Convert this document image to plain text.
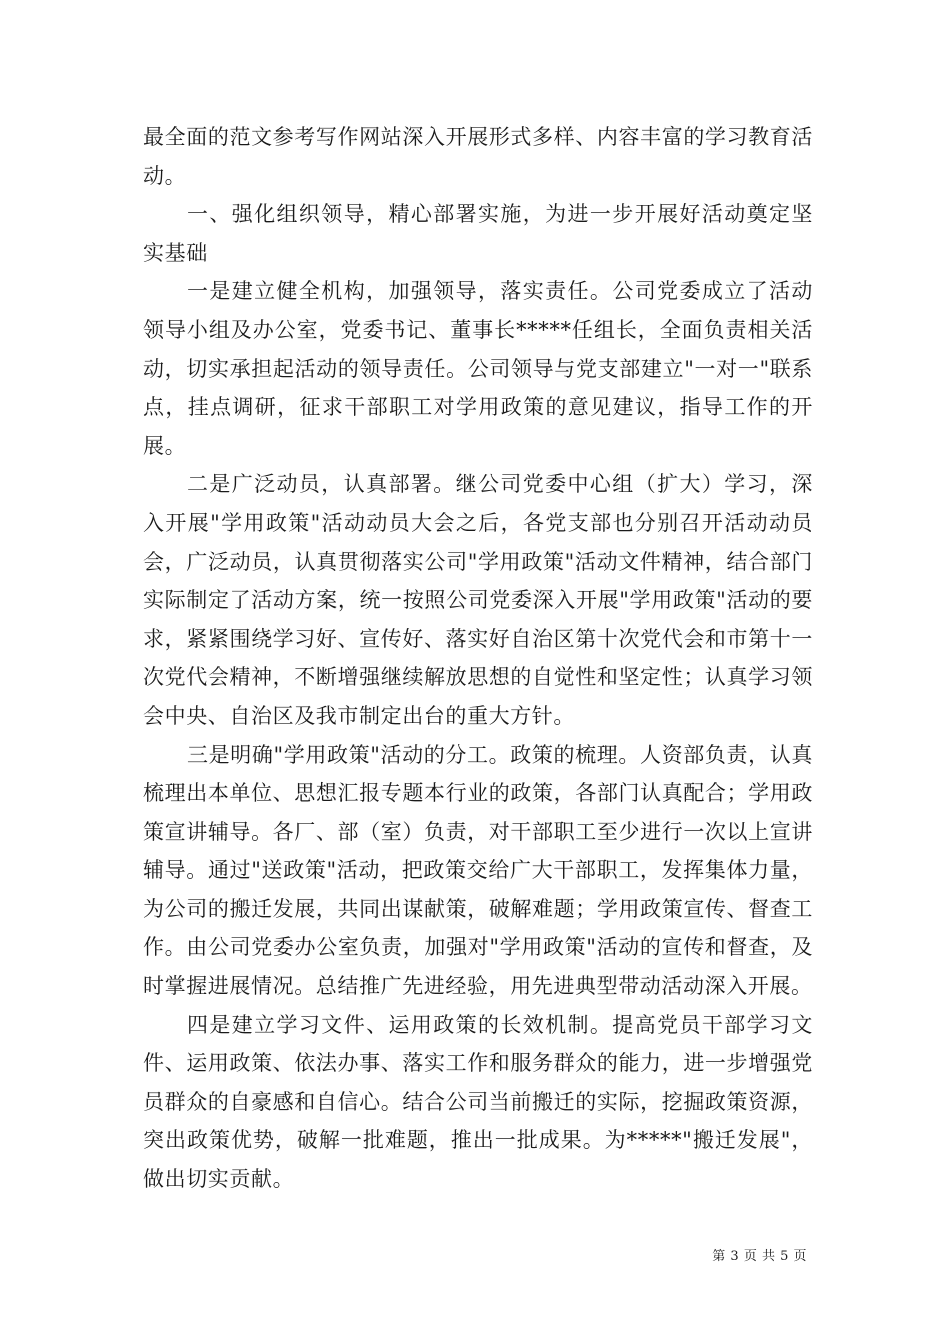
最全面的范文参考写作网站深入开展形式多样、内容丰富的学习教育活动。

一、强化组织领导，精心部署实施，为进一步开展好活动奠定坚实基础

一是建立健全机构，加强领导，落实责任。公司党委成立了活动领导小组及办公室，党委书记、董事长*****任组长，全面负责相关活动，切实承担起活动的领导责任。公司领导与党支部建立"一对一"联系点，挂点调研，征求干部职工对学用政策的意见建议，指导工作的开展。

二是广泛动员，认真部署。继公司党委中心组（扩大）学习，深入开展"学用政策"活动动员大会之后，各党支部也分别召开活动动员会，广泛动员，认真贯彻落实公司"学用政策"活动文件精神，结合部门实际制定了活动方案，统一按照公司党委深入开展"学用政策"活动的要求，紧紧围绕学习好、宣传好、落实好自治区第十次党代会和市第十一次党代会精神，不断增强继续解放思想的自觉性和坚定性；认真学习领会中央、自治区及我市制定出台的重大方针。

三是明确"学用政策"活动的分工。政策的梳理。人资部负责，认真梳理出本单位、思想汇报专题本行业的政策，各部门认真配合；学用政策宣讲辅导。各厂、部（室）负责，对干部职工至少进行一次以上宣讲辅导。通过"送政策"活动，把政策交给广大干部职工，发挥集体力量，为公司的搬迁发展，共同出谋献策，破解难题；学用政策宣传、督查工作。由公司党委办公室负责，加强对"学用政策"活动的宣传和督查，及时掌握进展情况。总结推广先进经验，用先进典型带动活动深入开展。

四是建立学习文件、运用政策的长效机制。提高党员干部学习文件、运用政策、依法办事、落实工作和服务群众的能力，进一步增强党员群众的自豪感和自信心。结合公司当前搬迁的实际，挖掘政策资源，突出政策优势，破解一批难题，推出一批成果。为*****"搬迁发展"，做出切实贡献。

第 3 页 共 5 页
